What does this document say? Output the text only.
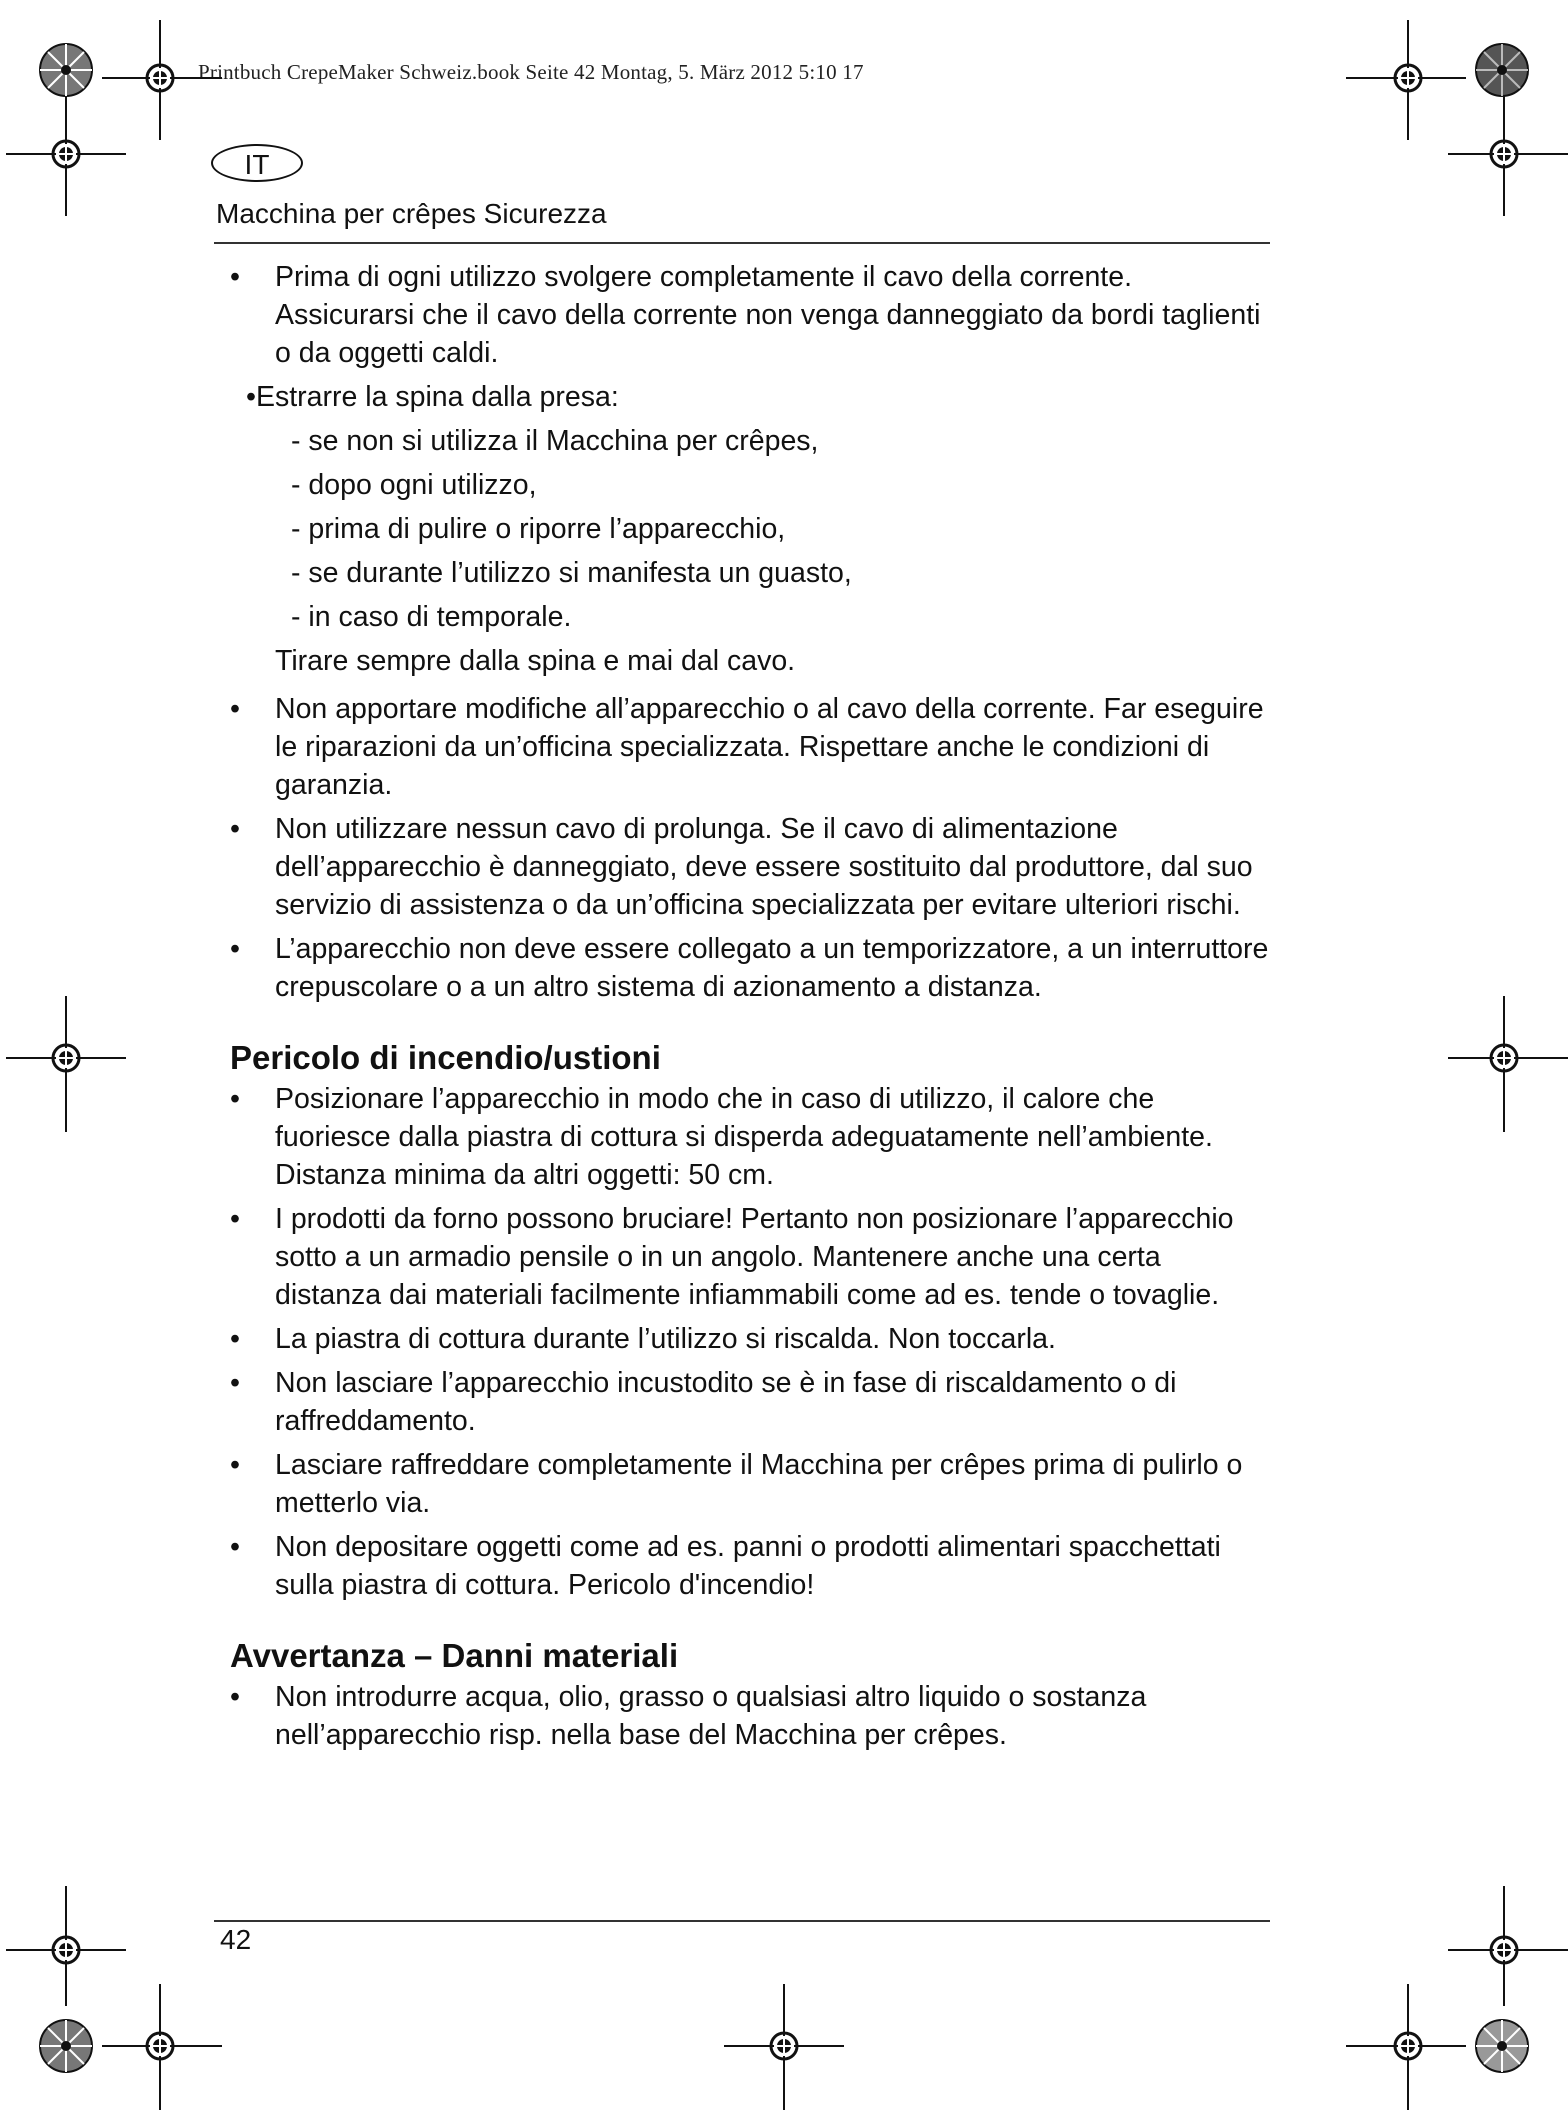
Printbuch CrepeMaker Schweiz.book Seite 42 Montag, 5. März 2012 5:10 17
IT
Macchina per crêpes Sicurezza
• Prima di ogni utilizzo svolgere completamente il cavo della corrente. Assicurarsi che il cavo della corrente non venga danneggiato da bordi taglienti o da oggetti caldi.
•Estrarre la spina dalla presa:
- se non si utilizza il Macchina per crêpes,
- dopo ogni utilizzo,
- prima di pulire o riporre l’apparecchio,
- se durante l’utilizzo si manifesta un guasto,
- in caso di temporale.
Tirare sempre dalla spina e mai dal cavo.
• Non apportare modifiche all’apparecchio o al cavo della corrente. Far eseguire le riparazioni da un’officina specializzata. Rispettare anche le condizioni di garanzia.
• Non utilizzare nessun cavo di prolunga. Se il cavo di alimentazione dell’apparecchio è danneggiato, deve essere sostituito dal produttore, dal suo servizio di assistenza o da un’officina specializzata per evitare ulteriori rischi.
• L’apparecchio non deve essere collegato a un temporizzatore, a un interruttore crepuscolare o a un altro sistema di azionamento a distanza.
Pericolo di incendio/ustioni
• Posizionare l’apparecchio in modo che in caso di utilizzo, il calore che fuoriesce dalla piastra di cottura si disperda adeguatamente nell’ambiente. Distanza minima da altri oggetti: 50 cm.
• I prodotti da forno possono bruciare! Pertanto non posizionare l’apparecchio sotto a un armadio pensile o in un angolo. Mantenere anche una certa distanza dai materiali facilmente infiammabili come ad es. tende o tovaglie.
• La piastra di cottura durante l’utilizzo si riscalda. Non toccarla.
• Non lasciare l’apparecchio incustodito se è in fase di riscaldamento o di raffreddamento.
• Lasciare raffreddare completamente il Macchina per crêpes prima di pulirlo o metterlo via.
• Non depositare oggetti come ad es. panni o prodotti alimentari spacchettati sulla piastra di cottura. Pericolo d'incendio!
Avvertanza – Danni materiali
• Non introdurre acqua, olio, grasso o qualsiasi altro liquido o sostanza nell’apparecchio risp. nella base del Macchina per crêpes.
42
